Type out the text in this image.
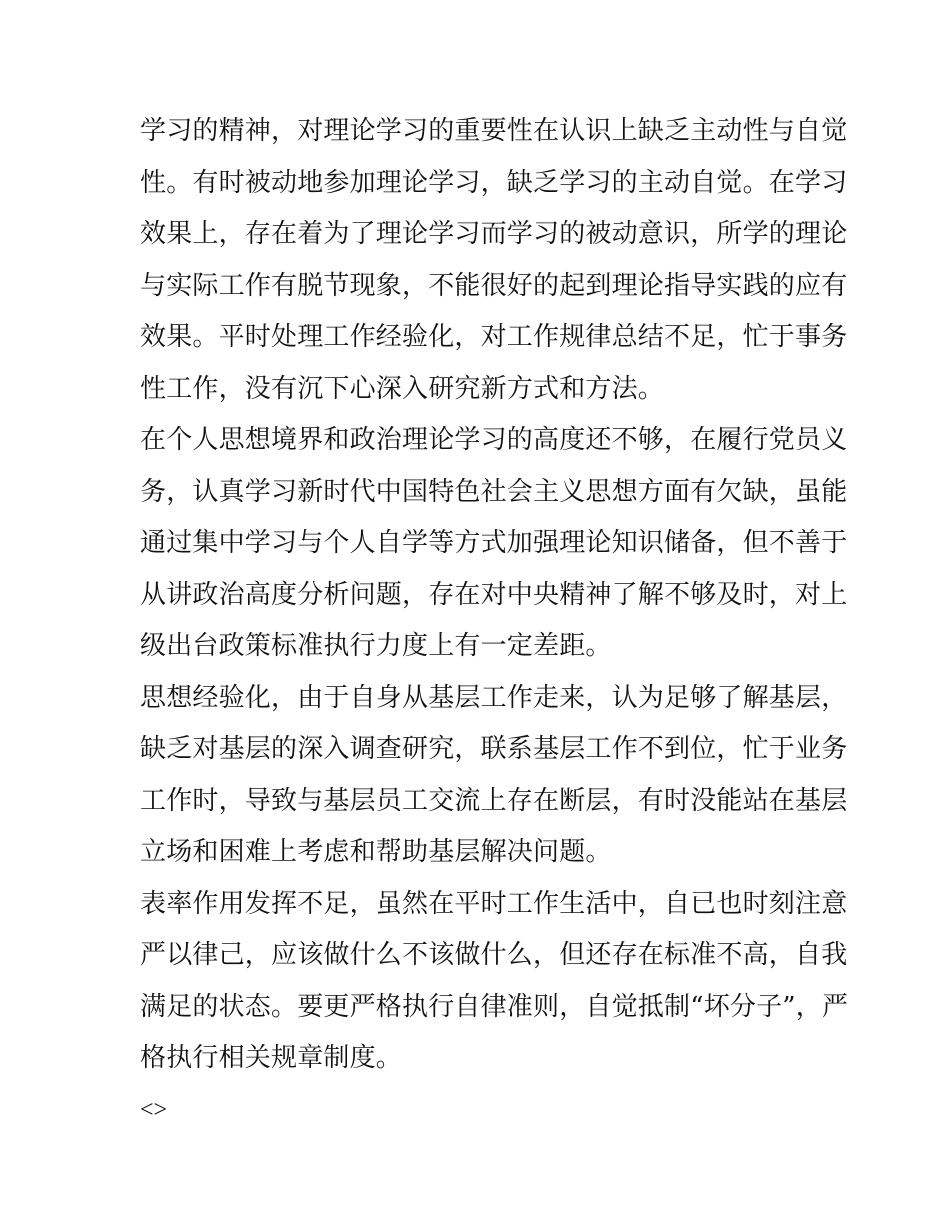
学习的精神，对理论学习的重要性在认识上缺乏主动性与自觉
性。有时被动地参加理论学习，缺乏学习的主动自觉。在学习
效果上，存在着为了理论学习而学习的被动意识，所学的理论
与实际工作有脱节现象，不能很好的起到理论指导实践的应有
效果。平时处理工作经验化，对工作规律总结不足，忙于事务
性工作，没有沉下心深入研究新方式和方法。
在个人思想境界和政治理论学习的高度还不够，在履行党员义
务，认真学习新时代中国特色社会主义思想方面有欠缺，虽能
通过集中学习与个人自学等方式加强理论知识储备，但不善于
从讲政治高度分析问题，存在对中央精神了解不够及时，对上
级出台政策标准执行力度上有一定差距。
思想经验化，由于自身从基层工作走来，认为足够了解基层，
缺乏对基层的深入调查研究，联系基层工作不到位，忙于业务
工作时，导致与基层员工交流上存在断层，有时没能站在基层
立场和困难上考虑和帮助基层解决问题。
表率作用发挥不足，虽然在平时工作生活中，自已也时刻注意
严以律己，应该做什么不该做什么，但还存在标准不高，自我
满足的状态。要更严格执行自律准则，自觉抵制“坏分子”，严
格执行相关规章制度。
<>
